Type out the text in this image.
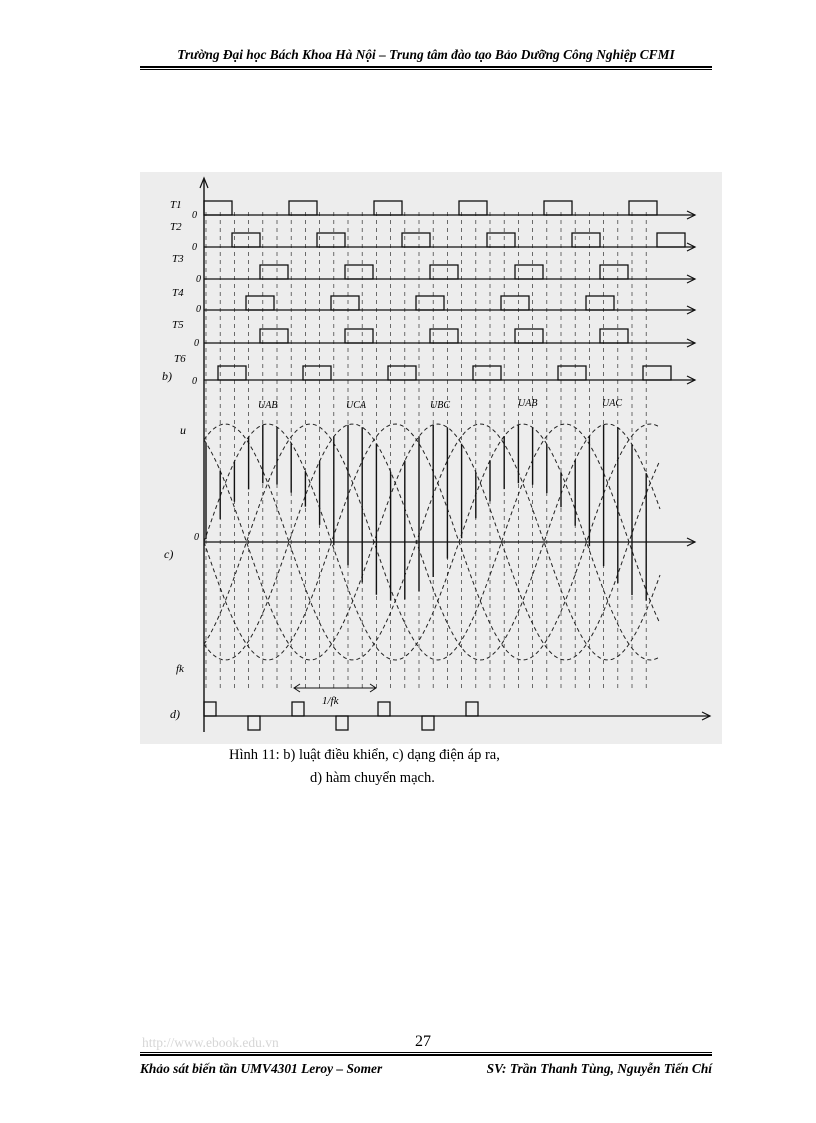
Trường Đại học Bách Khoa Hà Nội – Trung tâm đào tạo Bảo Dưỡng Công Nghiệp CFMI
T1
T2
T3
T4
T5
T6
0
0
0
0
0
0
0
b)
c)
d)
u
fk
1/fk
UAB	UCA	UBC	UAB	UAC
Hình 11: b) luật điều khiển, c) dạng điện áp ra,
d) hàm chuyển mạch.
http://www.ebook.edu.vn	27
Khảo sát biến tần UMV4301 Leroy – Somer	SV: Trần Thanh Tùng, Nguyễn Tiến Chí
